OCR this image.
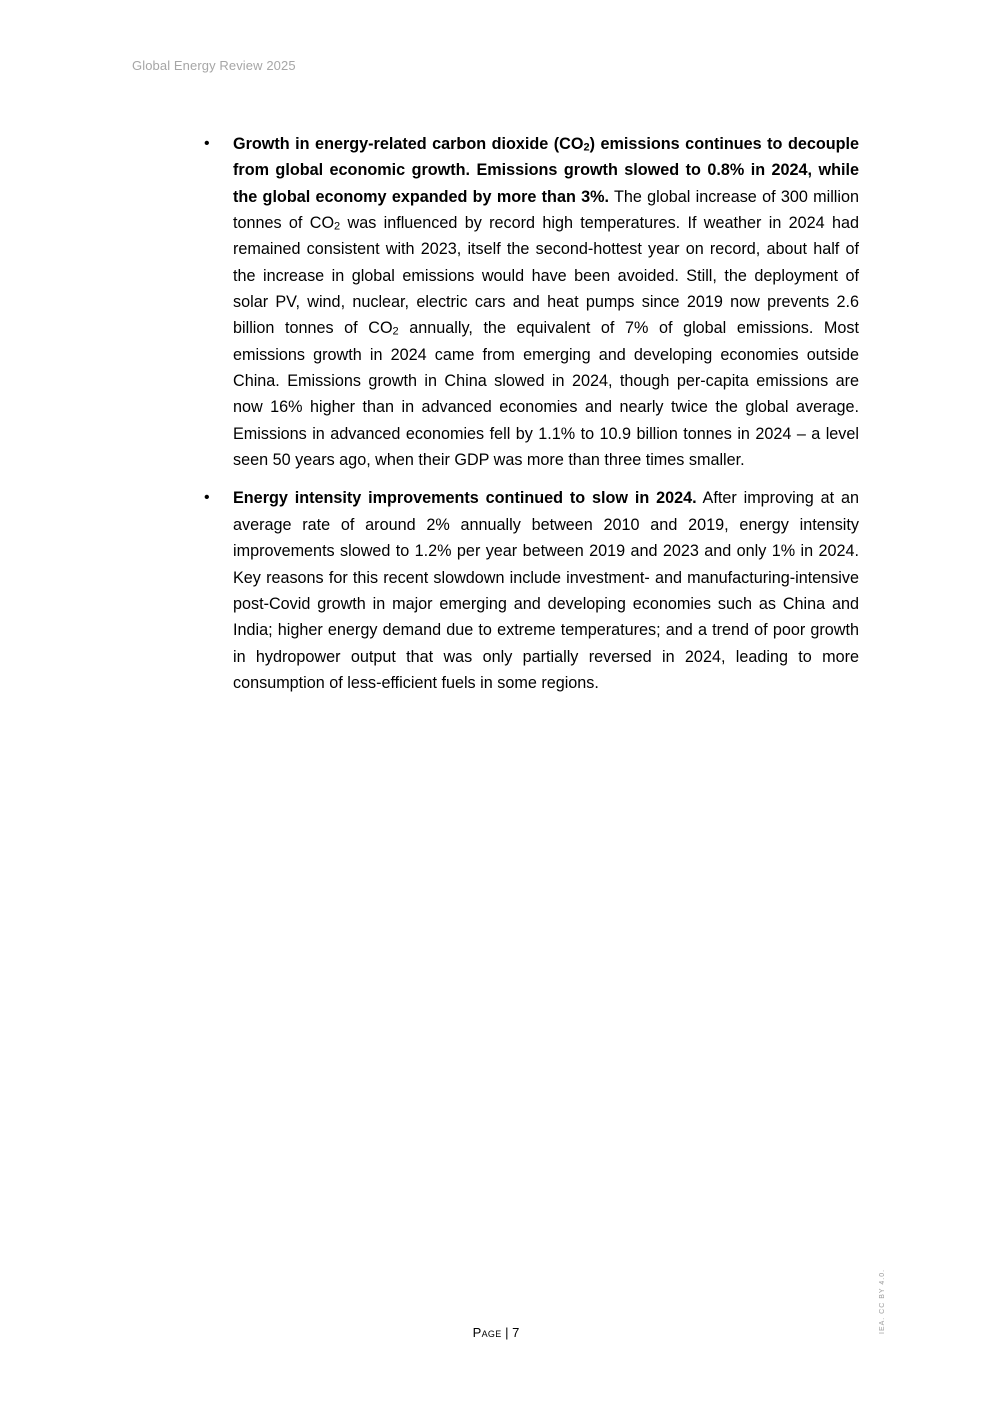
Global Energy Review 2025
• Growth in energy-related carbon dioxide $(CO_2)$ emissions continues to decouple from global economic growth. Emissions growth slowed to 0.8% in 2024, while the global economy expanded by more than 3%. The global increase of 300 million tonnes of $CO_2$ was influenced by record high temperatures. If weather in 2024 had remained consistent with 2023, itself the second-hottest year on record, about half of the increase in global emissions would have been avoided. Still, the deployment of solar PV, wind, nuclear, electric cars and heat pumps since 2019 now prevents 2.6 billion tonnes of $CO_2$ annually, the equivalent of 7% of global emissions. Most emissions growth in 2024 came from emerging and developing economies outside China. Emissions growth in China slowed in 2024, though per-capita emissions are now 16% higher than in advanced economies and nearly twice the global average. Emissions in advanced economies fell by 1.1% to 10.9 billion tonnes in 2024 – a level seen 50 years ago, when their GDP was more than three times smaller.
• Energy intensity improvements continued to slow in 2024. After improving at an average rate of around 2% annually between 2010 and 2019, energy intensity improvements slowed to 1.2% per year between 2019 and 2023 and only 1% in 2024. Key reasons for this recent slowdown include investment- and manufacturing-intensive post-Covid growth in major emerging and developing economies such as China and India; higher energy demand due to extreme temperatures; and a trend of poor growth in hydropower output that was only partially reversed in 2024, leading to more consumption of less-efficient fuels in some regions.
Page | 7	IEA. CC BY 4.0.
